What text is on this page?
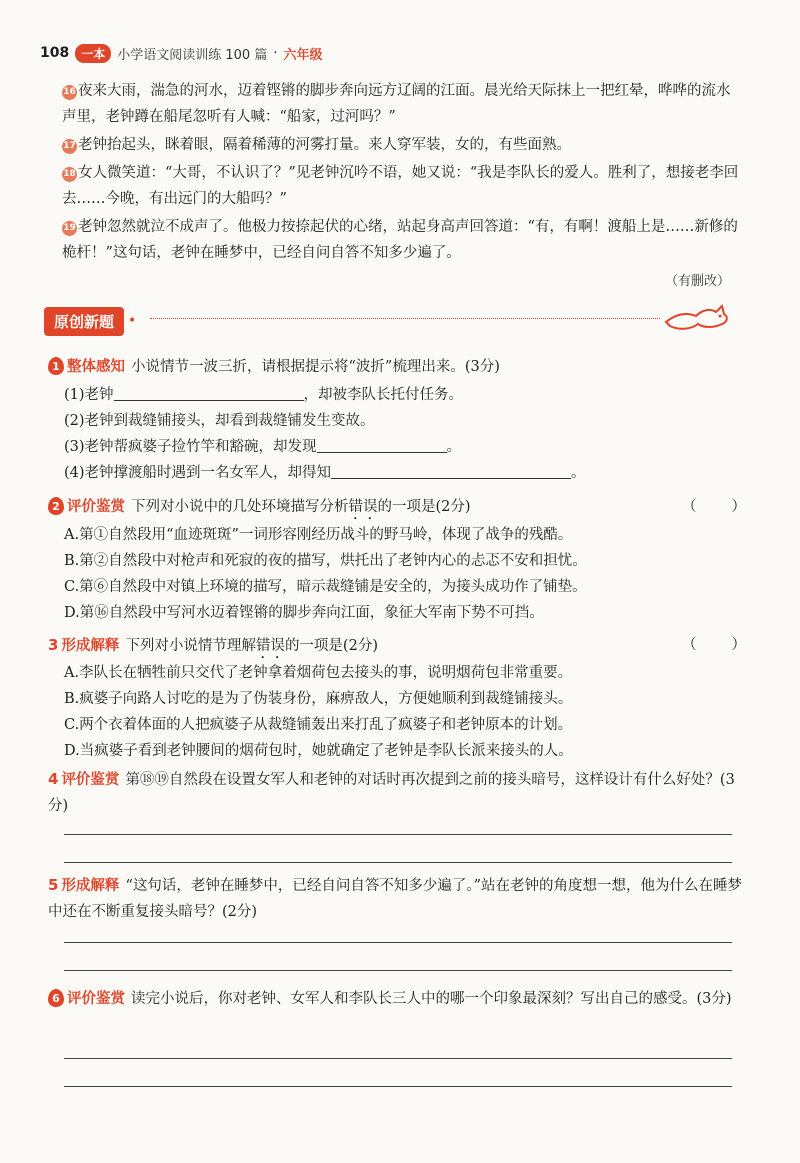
108	一本 小学语文阅读训练 100 篇 · 六年级

16 夜来大雨，湍急的河水，迈着铿锵的脚步奔向远方辽阔的江面。晨光给天际抹上一把红晕，哗哗的流水声里，老钟蹲在船尾忽听有人喊：“船家，过河吗？”

17 老钟抬起头，眯着眼，隔着稀薄的河雾打量。来人穿军装，女的，有些面熟。

18 女人微笑道：“大哥，不认识了？”见老钟沉吟不语，她又说：“我是李队长的爱人。胜利了，想接老李回去……今晚，有出远门的大船吗？”

19 老钟忽然就泣不成声了。他极力按捺起伏的心绪，站起身高声回答道：“有，有啊！渡船上是……新修的桅杆！”这句话，老钟在睡梦中，已经自问自答不知多少遍了。

（有删改）
原创新题	•
1 整体感知 小说情节一波三折，请根据提示将“波折”梳理出来。(3分)
(1)老钟	，却被李队长托付任务。
(2)老钟到裁缝铺接头，却看到裁缝铺发生变故。
(3)老钟帮疯婆子捡竹竿和豁碗，却发现	。
(4)老钟撑渡船时遇到一名女军人，却得知	。
2 评价鉴赏 下列对小说中的几处环境描写分析错误的一项是(2分)	（　　）
A.第①自然段用“血迹斑斑”一词形容刚经历战斗的野马岭，体现了战争的残酷。
B.第②自然段中对枪声和死寂的夜的描写，烘托出了老钟内心的忐忑不安和担忧。
C.第⑥自然段中对镇上环境的描写，暗示裁缝铺是安全的，为接头成功作了铺垫。
D.第⑯自然段中写河水迈着铿锵的脚步奔向江面，象征大军南下势不可挡。
3 形成解释 下列对小说情节理解错误的一项是(2分)	（　　）
A.李队长在牺牲前只交代了老钟拿着烟荷包去接头的事，说明烟荷包非常重要。
B.疯婆子向路人讨吃的是为了伪装身份，麻痹敌人，方便她顺利到裁缝铺接头。
C.两个衣着体面的人把疯婆子从裁缝铺轰出来打乱了疯婆子和老钟原本的计划。
D.当疯婆子看到老钟腰间的烟荷包时，她就确定了老钟是李队长派来接头的人。
4 评价鉴赏 第⑱⑲自然段在设置女军人和老钟的对话时再次提到之前的接头暗号，这样设计有什么好处？(3分)
5 形成解释 “这句话，老钟在睡梦中，已经自问自答不知多少遍了。”站在老钟的角度想一想，他为什么在睡梦中还在不断重复接头暗号？(2分)
6 评价鉴赏 读完小说后，你对老钟、女军人和李队长三人中的哪一个印象最深刻？写出自己的感受。(3分)
